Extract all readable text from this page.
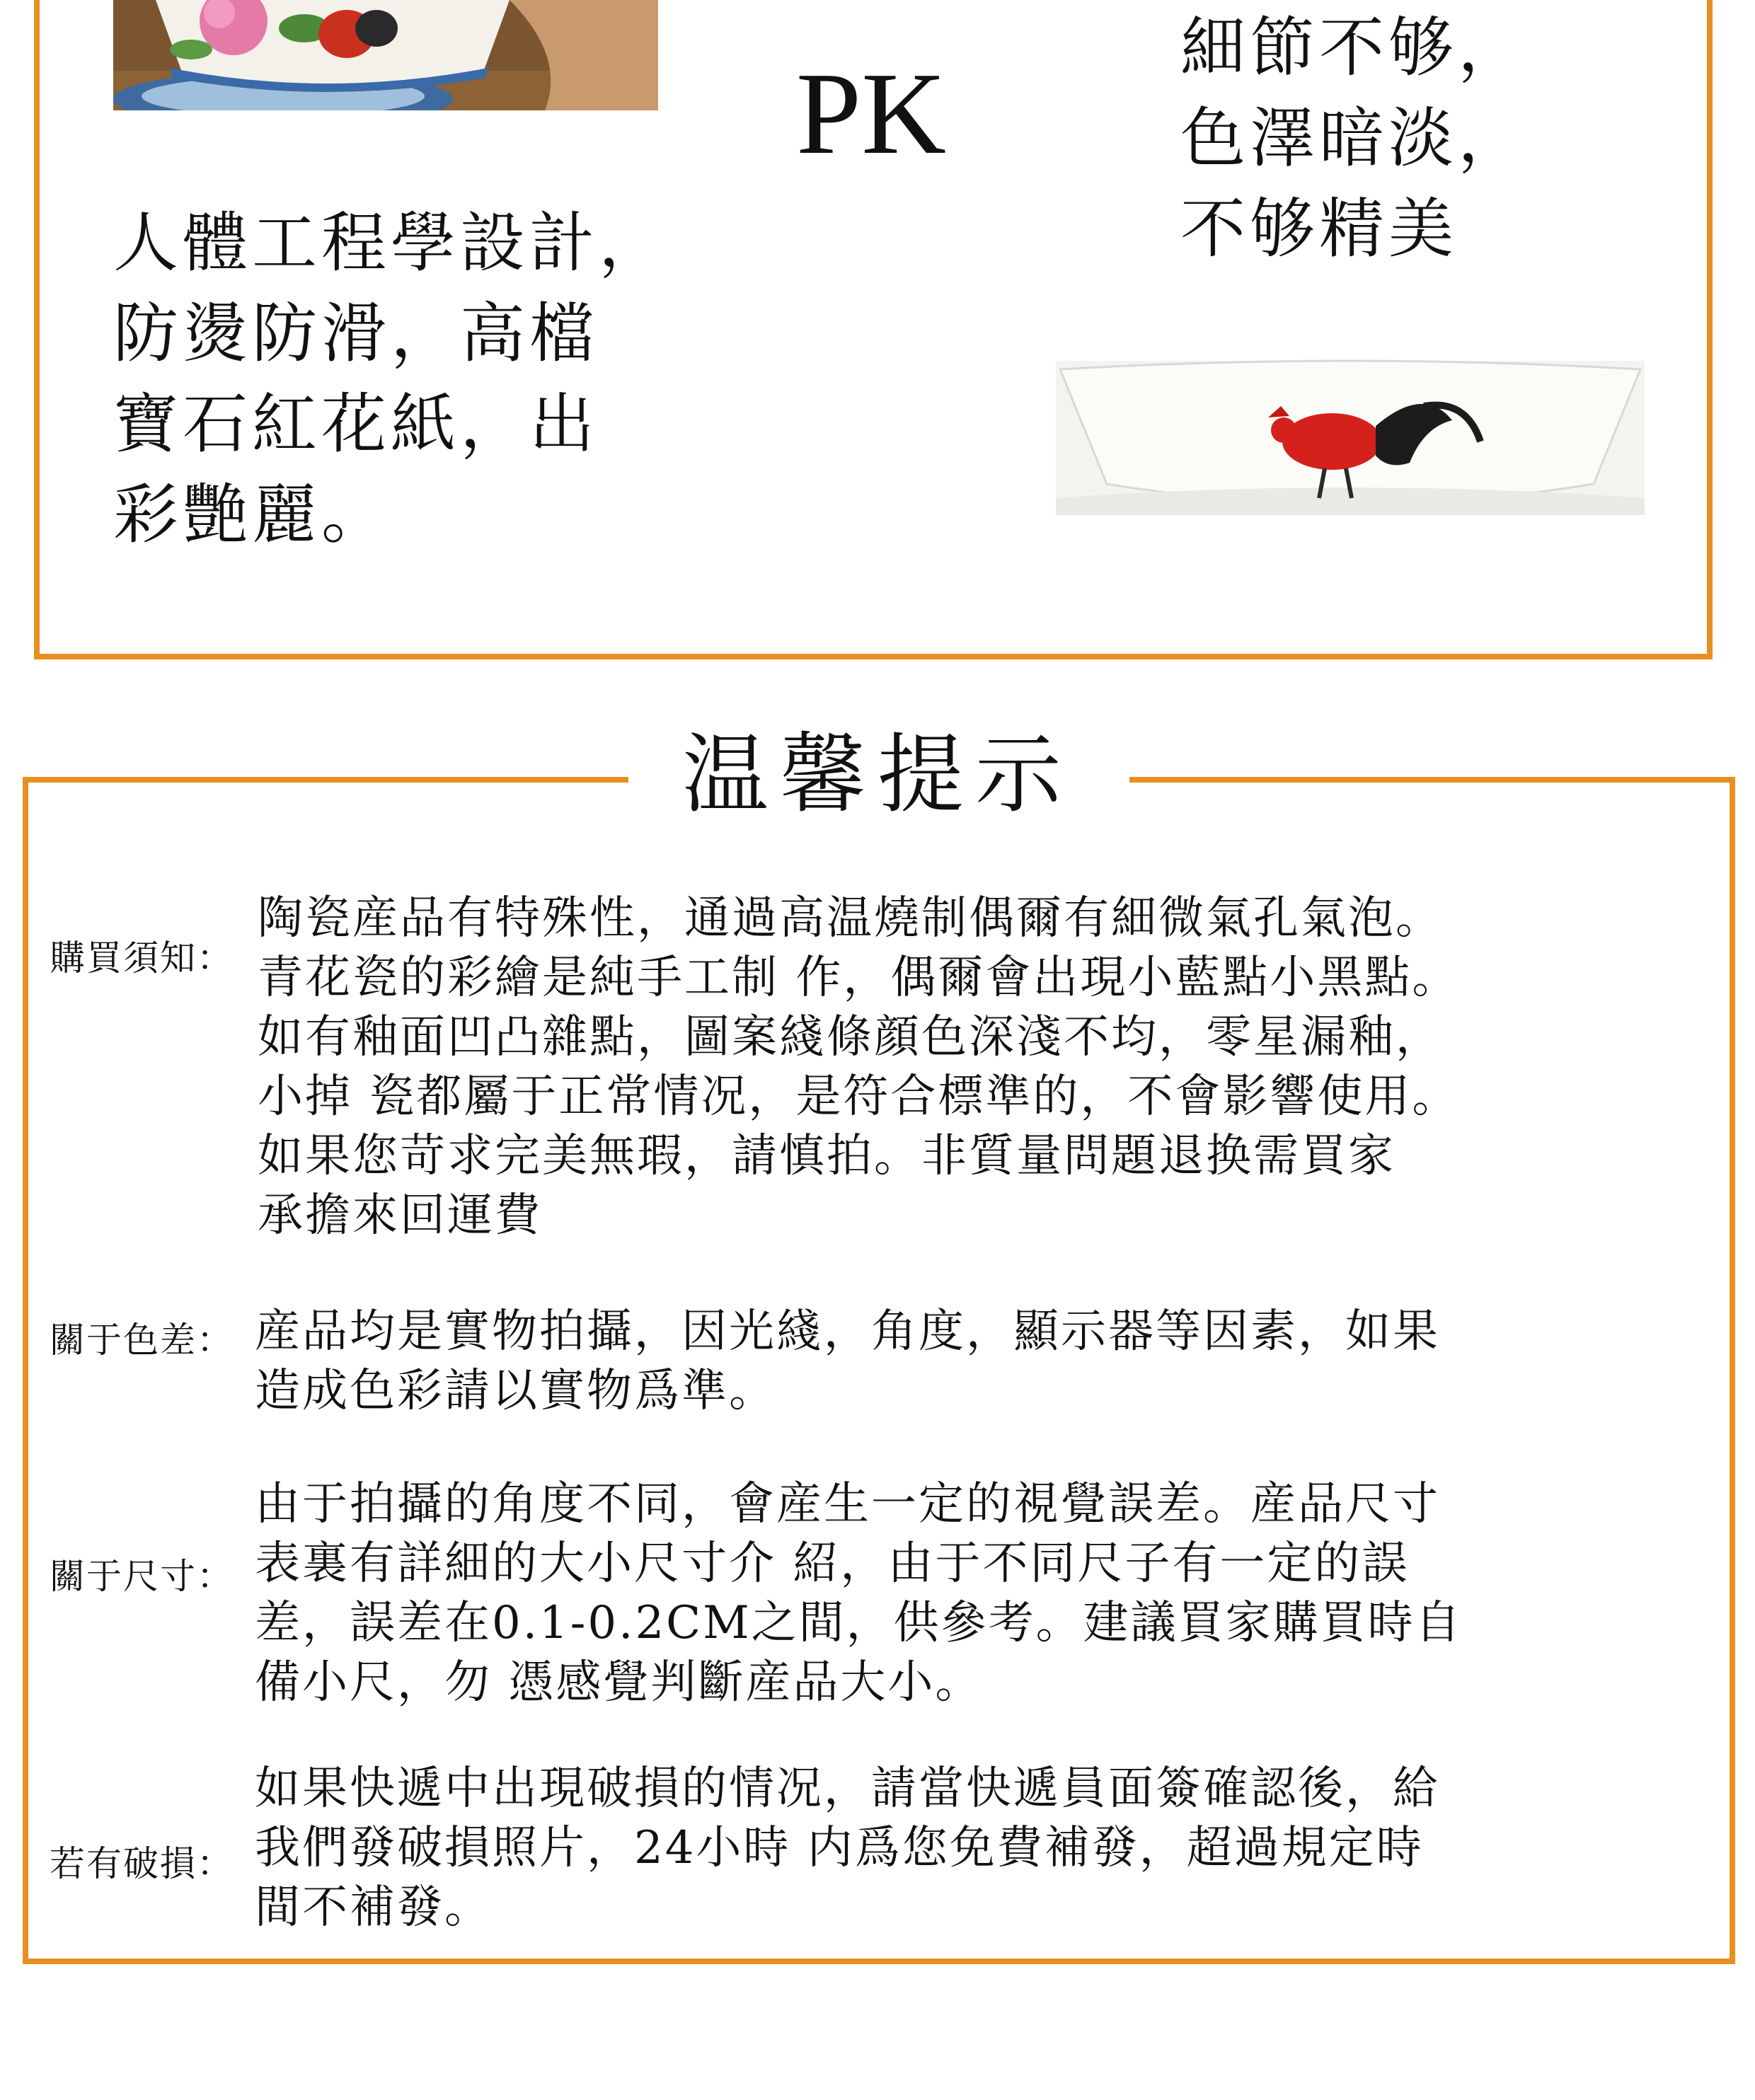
PK
人體工程學設計，
防燙防滑，高檔
寶石紅花紙，出
彩艷麗。
細節不够，
色澤暗淡，
不够精美
温馨提示
購買須知：
陶瓷産品有特殊性，通過高温燒制偶爾有細微氣孔氣泡。
青花瓷的彩繪是純手工制 作，偶爾會出現小藍點小黑點。
如有釉面凹凸雜點，圖案綫條顔色深淺不均，零星漏釉，
小掉 瓷都屬于正常情况，是符合標準的，不會影響使用。
如果您苛求完美無瑕，請慎拍。非質量問題退换需買家
承擔來回運費
關于色差： 産品均是實物拍攝，因光綫，角度，顯示器等因素，如果
造成色彩請以實物爲準。
關于尺寸：
由于拍攝的角度不同，會産生一定的視覺誤差。産品尺寸
表裏有詳細的大小尺寸介 紹，由于不同尺子有一定的誤
差，誤差在0.1-0.2CM之間，供參考。建議買家購買時自
備小尺，勿 憑感覺判斷産品大小。
若有破損：
如果快遞中出現破損的情况，請當快遞員面簽確認後，給
我們發破損照片，24小時 内爲您免費補發，超過規定時
間不補發。
